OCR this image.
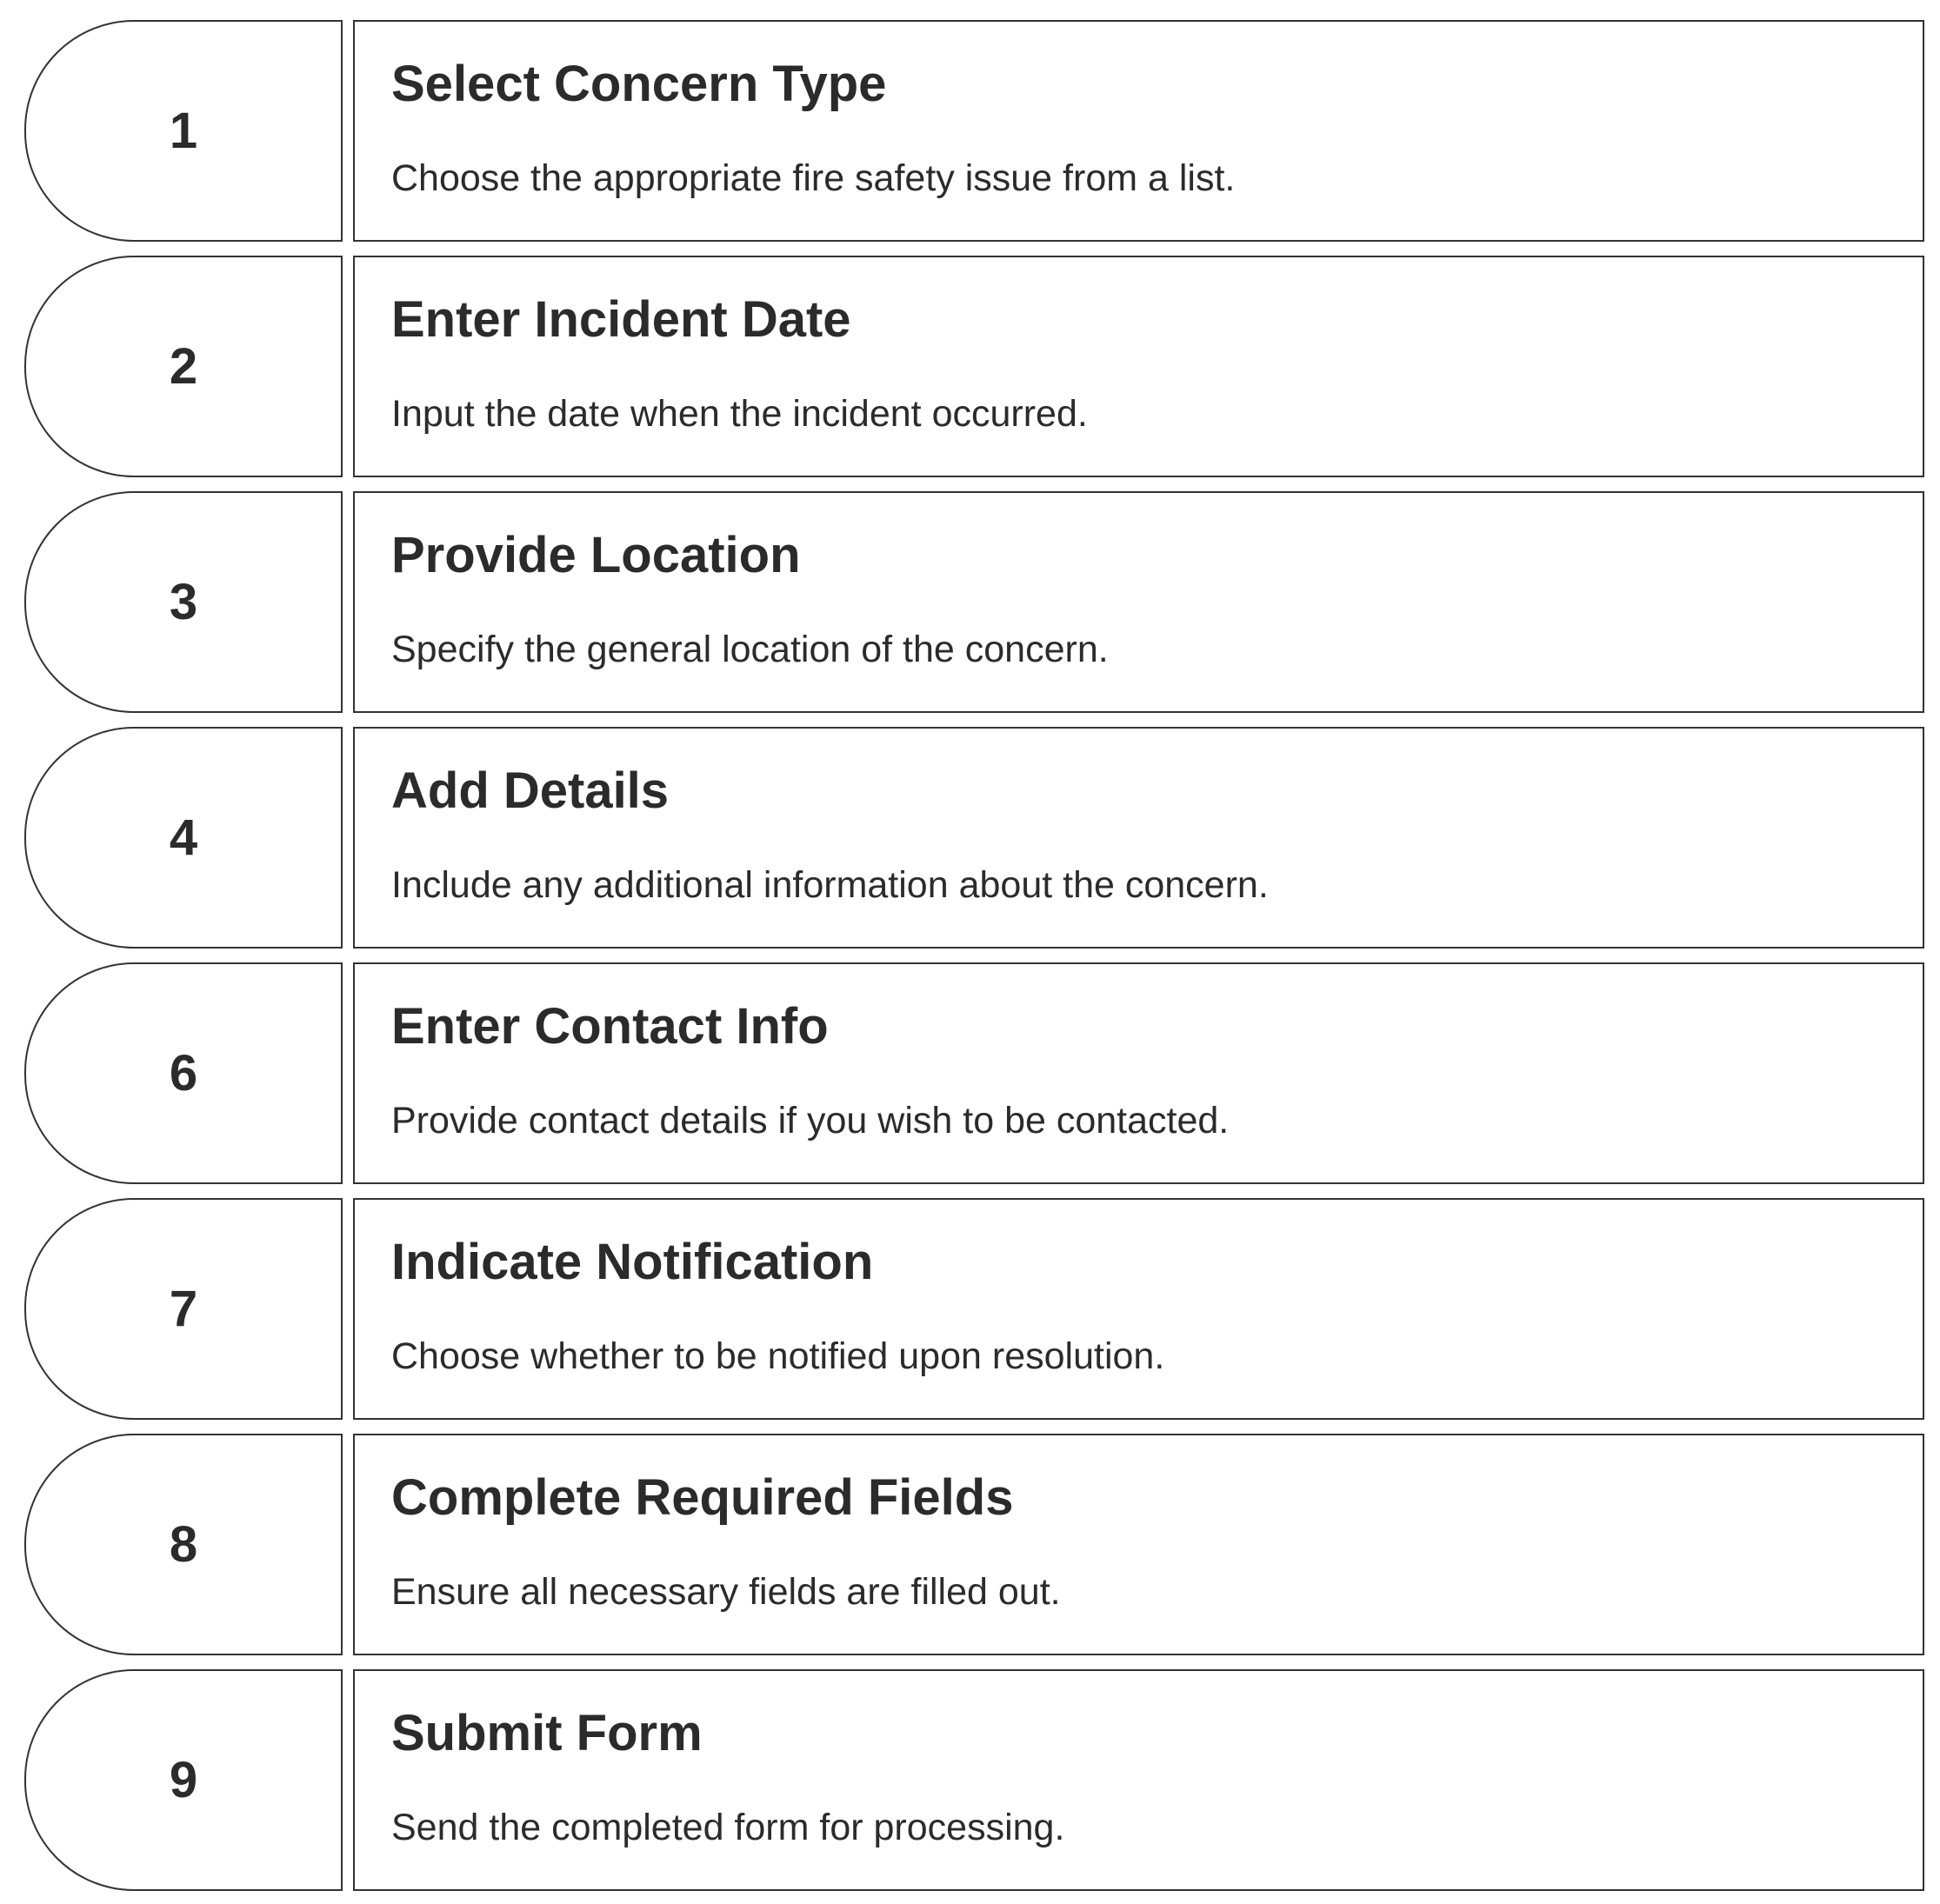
1
Select Concern Type
Choose the appropriate fire safety issue from a list.
2
Enter Incident Date
Input the date when the incident occurred.
3
Provide Location
Specify the general location of the concern.
4
Add Details
Include any additional information about the concern.
6
Enter Contact Info
Provide contact details if you wish to be contacted.
7
Indicate Notification
Choose whether to be notified upon resolution.
8
Complete Required Fields
Ensure all necessary fields are filled out.
9
Submit Form
Send the completed form for processing.
